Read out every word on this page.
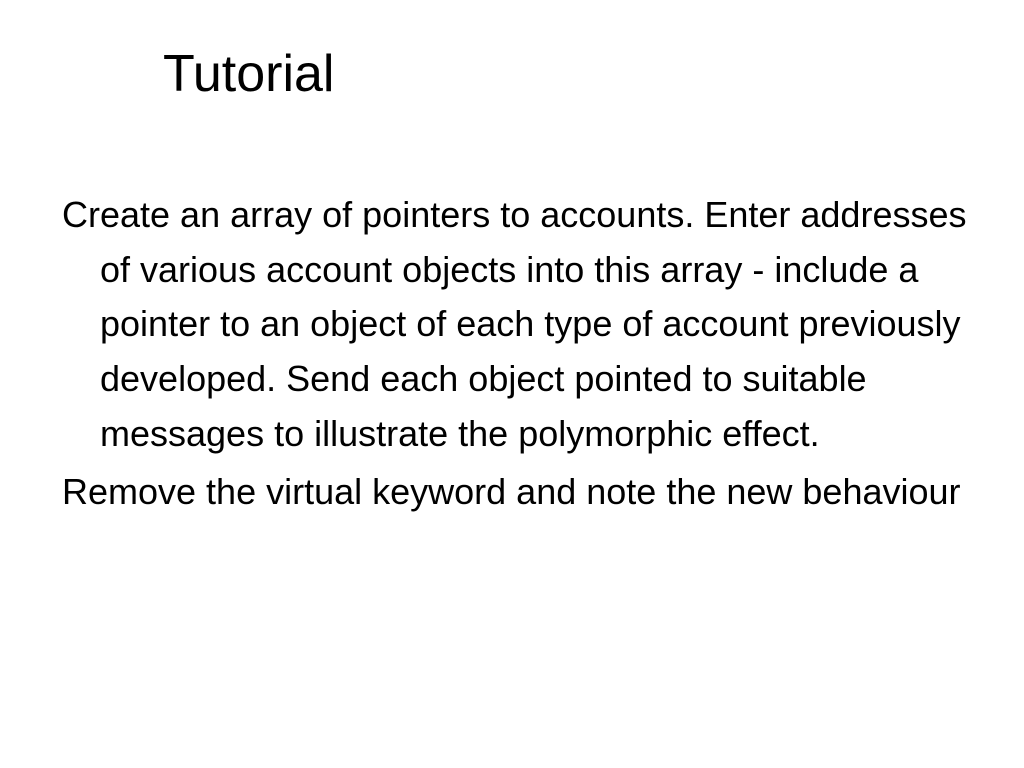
Tutorial
Create an array of pointers to accounts. Enter addresses of various account objects into this array - include a pointer to an object of each type of account previously developed. Send each object pointed to suitable messages to illustrate the polymorphic effect.
Remove the virtual keyword and note the new behaviour
